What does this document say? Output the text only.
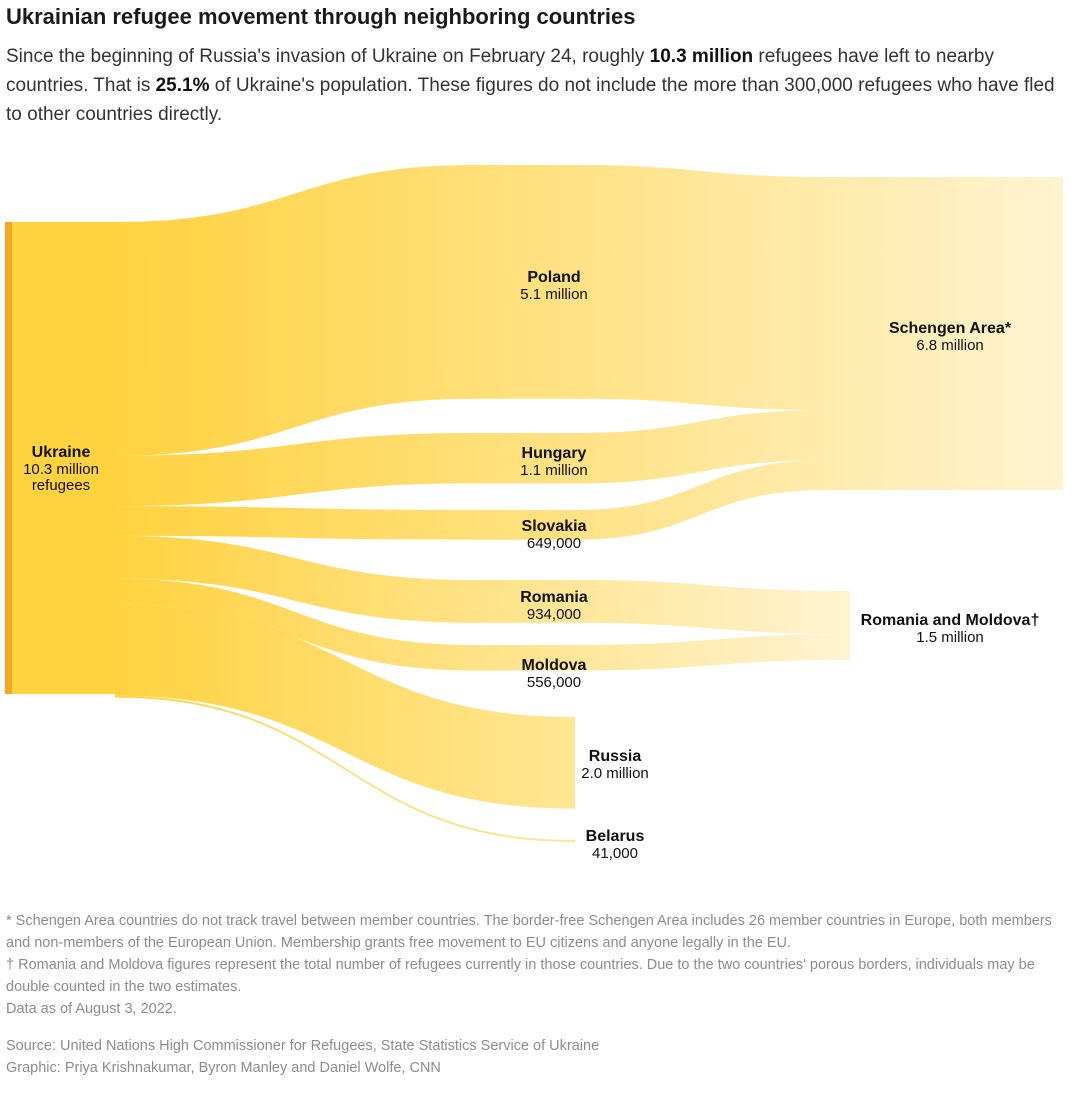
Ukrainian refugee movement through neighboring countries
Since the beginning of Russia's invasion of Ukraine on February 24, roughly 10.3 million refugees have left to nearby countries. That is 25.1% of Ukraine's population. These figures do not include the more than 300,000 refugees who have fled to other countries directly.
Ukraine
10.3 million
refugees
Poland
5.1 million
Hungary
1.1 million
Slovakia
649,000
Romania
934,000
Moldova
556,000
Russia
2.0 million
Belarus
41,000
Schengen Area*
6.8 million
Romania and Moldova†
1.5 million

* Schengen Area countries do not track travel between member countries. The border-free Schengen Area includes 26 member countries in Europe, both members and non-members of the European Union. Membership grants free movement to EU citizens and anyone legally in the EU.

† Romania and Moldova figures represent the total number of refugees currently in those countries. Due to the two countries' porous borders, individuals may be double counted in the two estimates.

Data as of August 3, 2022.

Source: United Nations High Commissioner for Refugees, State Statistics Service of Ukraine

Graphic: Priya Krishnakumar, Byron Manley and Daniel Wolfe, CNN
